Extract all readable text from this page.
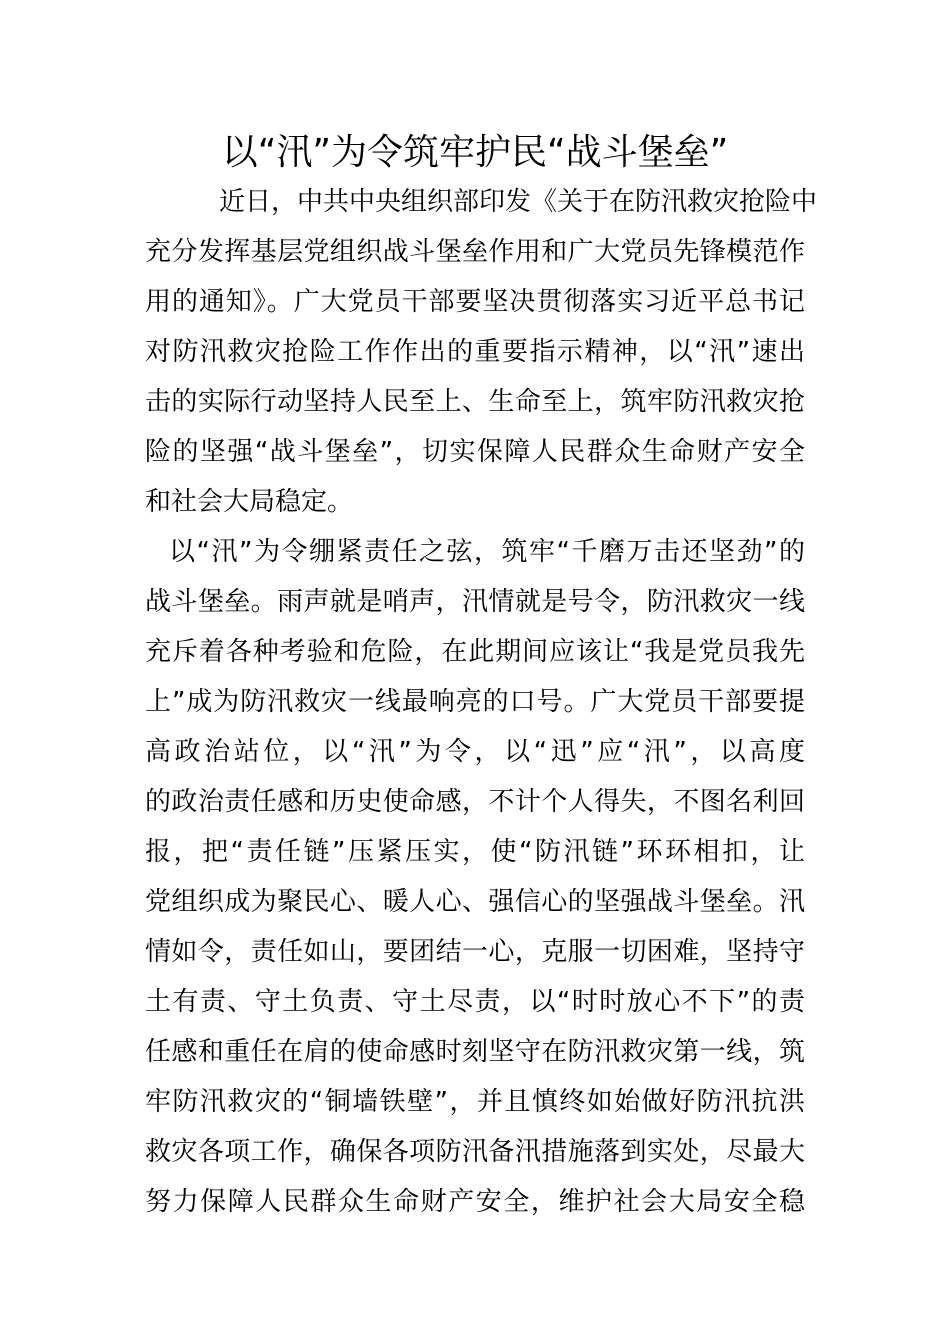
以“汛”为令筑牢护民“战斗堡垒”
近日，中共中央组织部印发《关于在防汛救灾抢险中
充分发挥基层党组织战斗堡垒作用和广大党员先锋模范作
用的通知》。广大党员干部要坚决贯彻落实习近平总书记
对防汛救灾抢险工作作出的重要指示精神，以“汛”速出
击的实际行动坚持人民至上、生命至上，筑牢防汛救灾抢
险的坚强“战斗堡垒”，切实保障人民群众生命财产安全
和社会大局稳定。
以“汛”为令绷紧责任之弦，筑牢“千磨万击还坚劲”的
战斗堡垒。雨声就是哨声，汛情就是号令，防汛救灾一线
充斥着各种考验和危险，在此期间应该让“我是党员我先
上”成为防汛救灾一线最响亮的口号。广大党员干部要提
高政治站位，以“汛”为令，以“迅”应“汛”，以高度
的政治责任感和历史使命感，不计个人得失，不图名利回
报，把“责任链”压紧压实，使“防汛链”环环相扣，让
党组织成为聚民心、暖人心、强信心的坚强战斗堡垒。汛
情如令，责任如山，要团结一心，克服一切困难，坚持守
土有责、守土负责、守土尽责，以“时时放心不下”的责
任感和重任在肩的使命感时刻坚守在防汛救灾第一线，筑
牢防汛救灾的“铜墙铁壁”，并且慎终如始做好防汛抗洪
救灾各项工作，确保各项防汛备汛措施落到实处，尽最大
努力保障人民群众生命财产安全，维护社会大局安全稳
